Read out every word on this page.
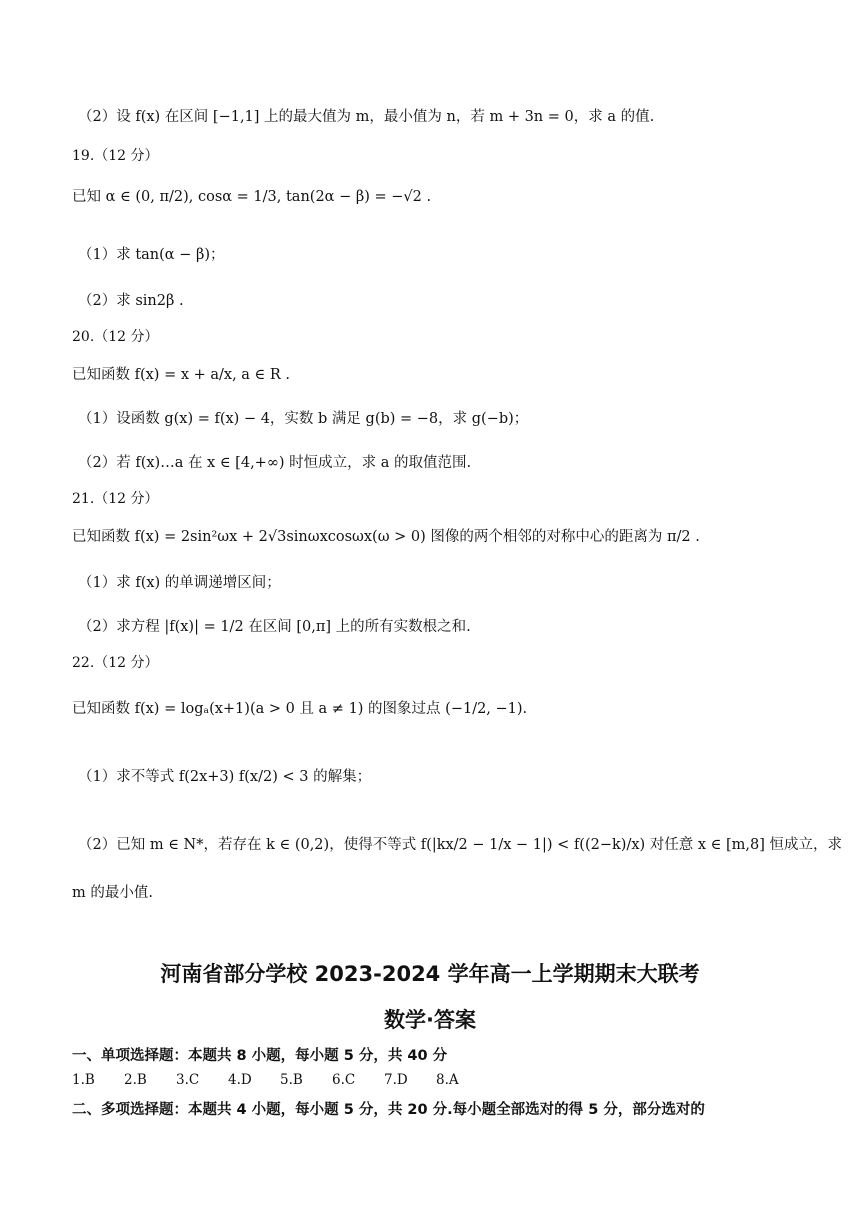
（2）设 f(x) 在区间 [−1,1] 上的最大值为 m，最小值为 n，若 m + 3n = 0，求 a 的值.
19.（12 分）
已知 α ∈ (0, π/2), cosα = 1/3, tan(2α − β) = −√2 .
（1）求 tan(α − β)；
（2）求 sin2β .
20.（12 分）
已知函数 f(x) = x + a/x, a ∈ R .
（1）设函数 g(x) = f(x) − 4，实数 b 满足 g(b) = −8，求 g(−b)；
（2）若 f(x)…a 在 x ∈ [4,+∞) 时恒成立，求 a 的取值范围.
21.（12 分）
已知函数 f(x) = 2sin²ωx + 2√3sinωxcosωx(ω > 0) 图像的两个相邻的对称中心的距离为 π/2 .
（1）求 f(x) 的单调递增区间；
（2）求方程 |f(x)| = 1/2 在区间 [0,π] 上的所有实数根之和.
22.（12 分）
已知函数 f(x) = logₐ(x+1)(a > 0 且 a ≠ 1) 的图象过点 (−1/2, −1).
（1）求不等式 f(2x+3) f(x/2) < 3 的解集；
（2）已知 m ∈ N*，若存在 k ∈ (0,2)，使得不等式 f(|kx/2 − 1/x − 1|) < f((2−k)/x) 对任意 x ∈ [m,8] 恒成立，求
m 的最小值.
河南省部分学校 2023-2024 学年高一上学期期末大联考
数学·答案
一、单项选择题：本题共 8 小题，每小题 5 分，共 40 分
1.B	2.B	3.C	4.D	5.B	6.C	7.D	8.A
二、多项选择题：本题共 4 小题，每小题 5 分，共 20 分.每小题全部选对的得 5 分，部分选对的
